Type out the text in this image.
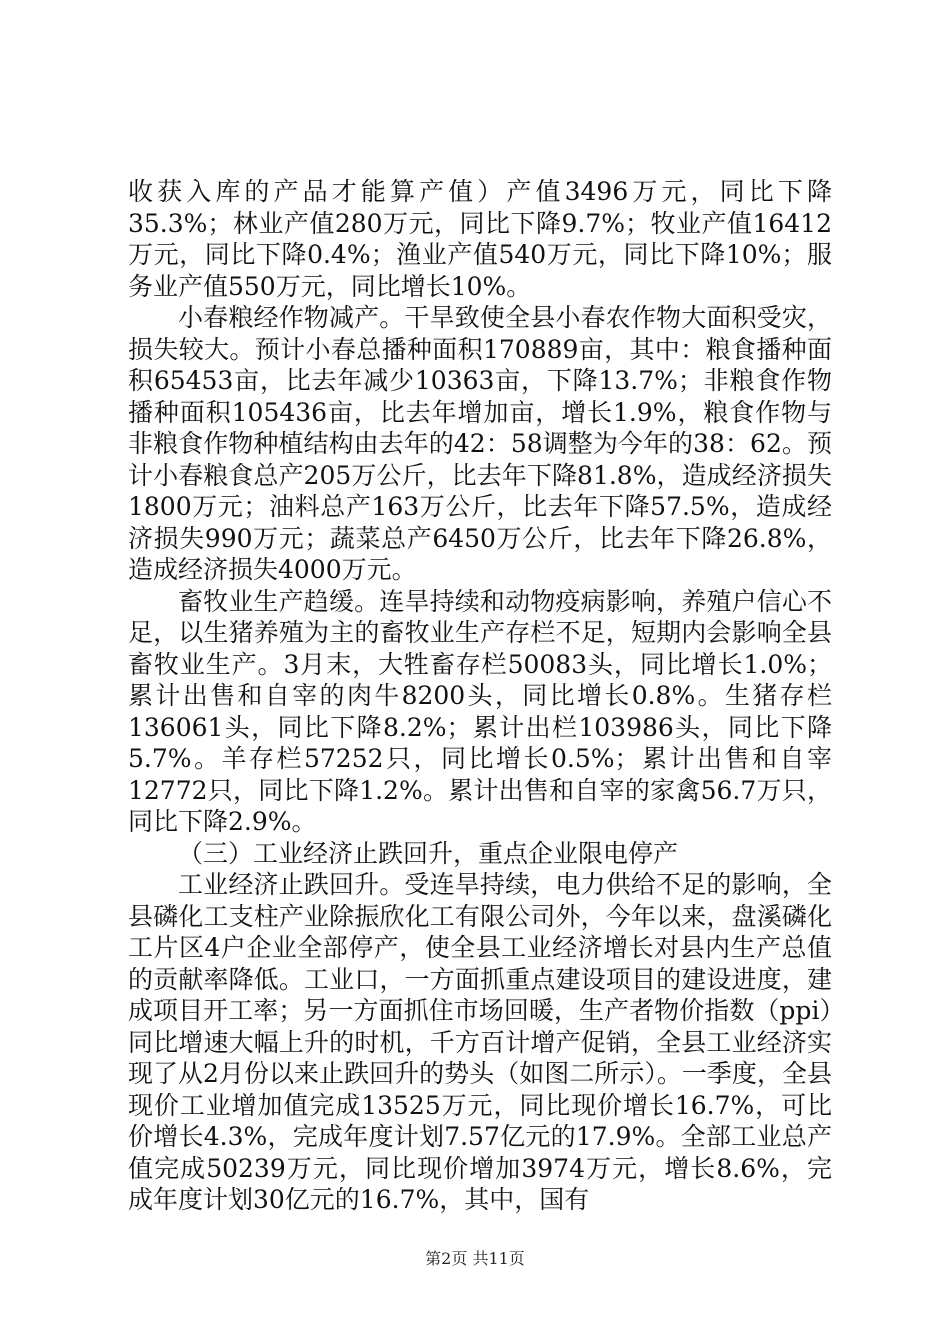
收获入库的产品才能算产值）产值3496万元，同比下降35.3%；林业产值280万元，同比下降9.7%；牧业产值16412万元，同比下降0.4%；渔业产值540万元，同比下降10%；服务业产值550万元，同比增长10%。

小春粮经作物减产。干旱致使全县小春农作物大面积受灾，损失较大。预计小春总播种面积170889亩，其中：粮食播种面积65453亩，比去年减少10363亩，下降13.7%；非粮食作物播种面积105436亩，比去年增加亩，增长1.9%，粮食作物与非粮食作物种植结构由去年的42：58调整为今年的38：62。预计小春粮食总产205万公斤，比去年下降81.8%，造成经济损失1800万元；油料总产163万公斤，比去年下降57.5%，造成经济损失990万元；蔬菜总产6450万公斤，比去年下降26.8%，造成经济损失4000万元。

畜牧业生产趋缓。连旱持续和动物疫病影响，养殖户信心不足，以生猪养殖为主的畜牧业生产存栏不足，短期内会影响全县畜牧业生产。3月末，大牲畜存栏50083头，同比增长1.0%；累计出售和自宰的肉牛8200头，同比增长0.8%。生猪存栏136061头，同比下降8.2%；累计出栏103986头，同比下降5.7%。羊存栏57252只，同比增长0.5%；累计出售和自宰12772只，同比下降1.2%。累计出售和自宰的家禽56.7万只，同比下降2.9%。

（三）工业经济止跌回升，重点企业限电停产

工业经济止跌回升。受连旱持续，电力供给不足的影响，全县磷化工支柱产业除振欣化工有限公司外，今年以来，盘溪磷化工片区4户企业全部停产，使全县工业经济增长对县内生产总值的贡献率降低。工业口，一方面抓重点建设项目的建设进度，建成项目开工率；另一方面抓住市场回暖，生产者物价指数（ppi）同比增速大幅上升的时机，千方百计增产促销，全县工业经济实现了从2月份以来止跌回升的势头（如图二所示）。一季度，全县现价工业增加值完成13525万元，同比现价增长16.7%，可比价增长4.3%，完成年度计划7.57亿元的17.9%。全部工业总产值完成50239万元，同比现价增加3974万元，增长8.6%，完成年度计划30亿元的16.7%，其中，国有

第2页 共11页
